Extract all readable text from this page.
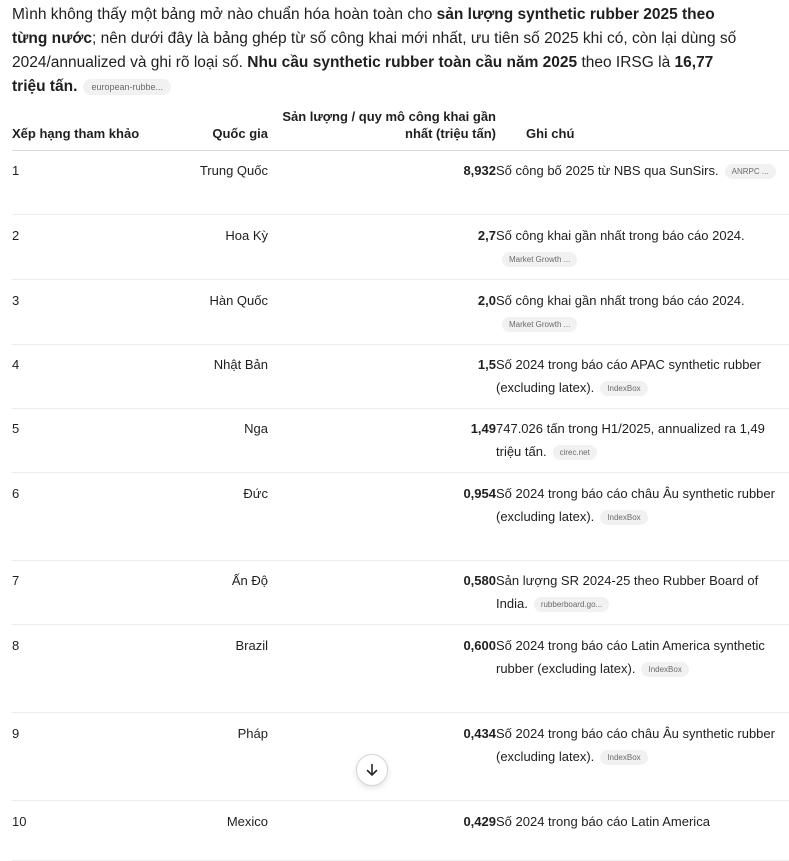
Mình không thấy một bảng mở nào chuẩn hóa hoàn toàn cho sản lượng synthetic rubber 2025 theo từng nước; nên dưới đây là bảng ghép từ số công khai mới nhất, ưu tiên số 2025 khi có, còn lại dùng số 2024/annualized và ghi rõ loại số. Nhu cầu synthetic rubber toàn cầu năm 2025 theo IRSG là 16,77 triệu tấn. european-rubbe...
Xếp hạng tham khảo	Quốc gia	Sản lượng / quy mô công khai gần nhất (triệu tấn)	Ghi chú
1	Trung Quốc	8,932	Số công bố 2025 từ NBS qua SunSirs. ANRPC ...
2	Hoa Kỳ	2,7	Số công khai gần nhất trong báo cáo 2024.Market Growth ...
3	Hàn Quốc	2,0	Số công khai gần nhất trong báo cáo 2024.Market Growth ...
4	Nhật Bản	1,5	Số 2024 trong báo cáo APAC synthetic rubber (excluding latex). IndexBox
5	Nga	1,49	747.026 tấn trong H1/2025, annualized ra 1,49 triệu tấn. cirec.net
6	Đức	0,954	Số 2024 trong báo cáo châu Âu synthetic rubber (excluding latex). IndexBox
7	Ấn Độ	0,580	Sản lượng SR 2024-25 theo Rubber Board of India. rubberboard.go...
8	Brazil	0,600	Số 2024 trong báo cáo Latin America synthetic rubber (excluding latex). IndexBox
9	Pháp	0,434	Số 2024 trong báo cáo châu Âu synthetic rubber (excluding latex). IndexBox
10	Mexico	0,429	Số 2024 trong báo cáo Latin America
